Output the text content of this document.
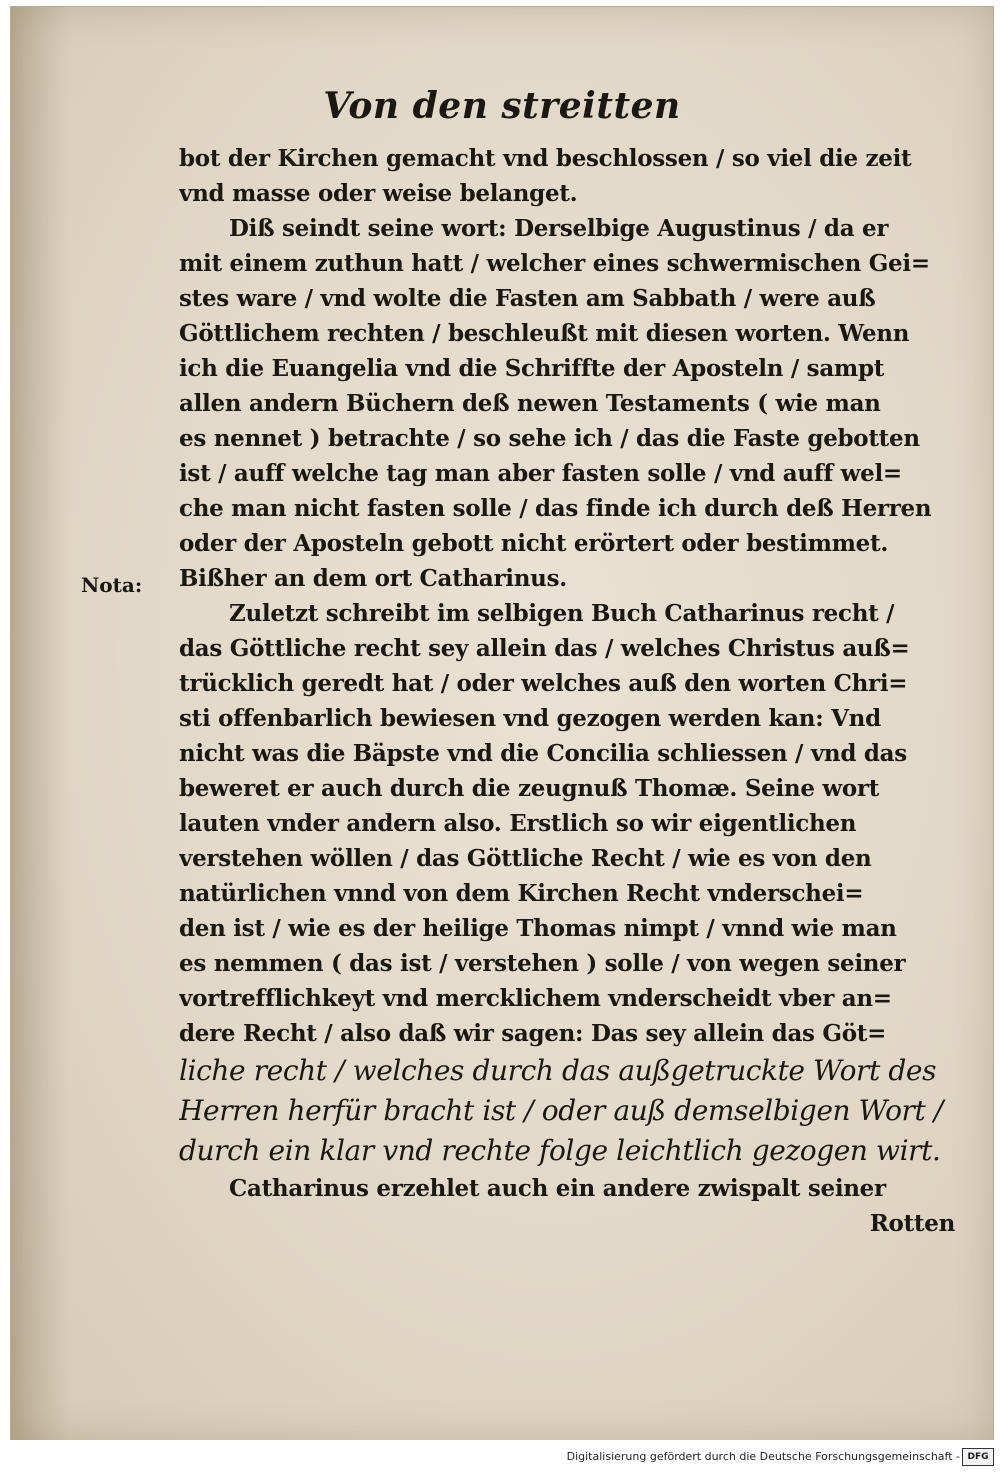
Von den streitten
Nota:
bot der Kirchen gemacht vnd beschlossen / so viel die zeit
vnd masse oder weise belanget.
Diß seindt seine wort: Derselbige Augustinus / da er
mit einem zuthun hatt / welcher eines schwermischen Gei=
stes ware / vnd wolte die Fasten am Sabbath / were auß
Göttlichem rechten / beschleußt mit diesen worten. Wenn
ich die Euangelia vnd die Schriffte der Aposteln / sampt
allen andern Büchern deß newen Testaments ( wie man
es nennet ) betrachte / so sehe ich / das die Faste gebotten
ist / auff welche tag man aber fasten solle / vnd auff wel=
che man nicht fasten solle / das finde ich durch deß Herren
oder der Aposteln gebott nicht erörtert oder bestimmet.
Bißher an dem ort Catharinus.
Zuletzt schreibt im selbigen Buch Catharinus recht /
das Göttliche recht sey allein das / welches Christus auß=
trücklich geredt hat / oder welches auß den worten Chri=
sti offenbarlich bewiesen vnd gezogen werden kan: Vnd
nicht was die Bäpste vnd die Concilia schliessen / vnd das
beweret er auch durch die zeugnuß Thomæ. Seine wort
lauten vnder andern also. Erstlich so wir eigentlichen
verstehen wöllen / das Göttliche Recht / wie es von den
natürlichen vnnd von dem Kirchen Recht vnderschei=
den ist / wie es der heilige Thomas nimpt / vnnd wie man
es nemmen ( das ist / verstehen ) solle / von wegen seiner
vortrefflichkeyt vnd mercklichem vnderscheidt vber an=
dere Recht / also daß wir sagen: Das sey allein das Göt=
liche recht / welches durch das außgetruckte Wort des
Herren herfür bracht ist / oder auß demselbigen Wort /
durch ein klar vnd rechte folge leichtlich gezogen wirt.
Catharinus erzehlet auch ein andere zwispalt seiner
Rotten
Digitalisierung gefördert durch die Deutsche Forschungsgemeinschaft - DFG
